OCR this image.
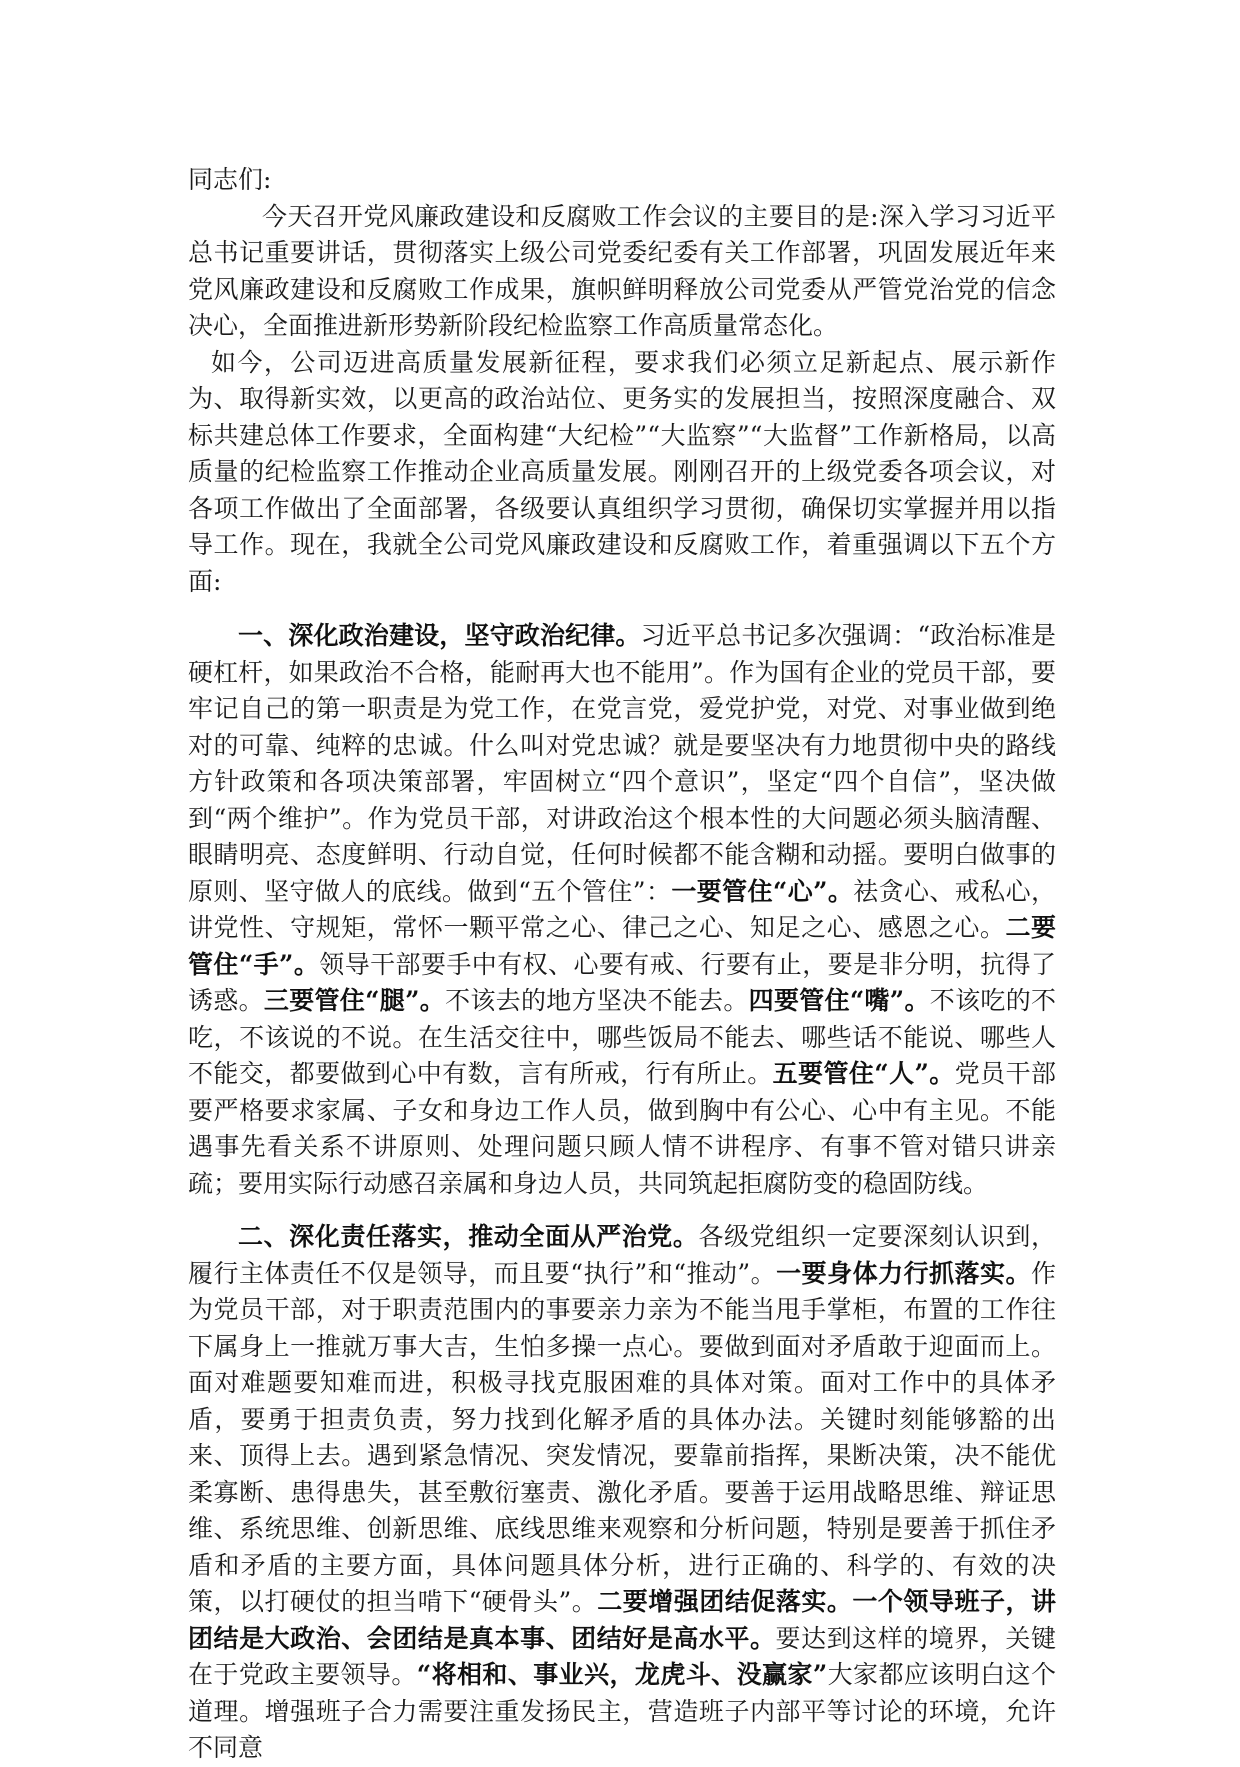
同志们:

今天召开党风廉政建设和反腐败工作会议的主要目的是:深入学习习近平总书记重要讲话，贯彻落实上级公司党委纪委有关工作部署，巩固发展近年来党风廉政建设和反腐败工作成果，旗帜鲜明释放公司党委从严管党治党的信念决心，全面推进新形势新阶段纪检监察工作高质量常态化。

如今，公司迈进高质量发展新征程，要求我们必须立足新起点、展示新作为、取得新实效，以更高的政治站位、更务实的发展担当，按照深度融合、双标共建总体工作要求，全面构建“大纪检”“大监察”“大监督”工作新格局，以高质量的纪检监察工作推动企业高质量发展。刚刚召开的上级党委各项会议，对各项工作做出了全面部署，各级要认真组织学习贯彻，确保切实掌握并用以指导工作。现在，我就全公司党风廉政建设和反腐败工作，着重强调以下五个方面:

一、深化政治建设，坚守政治纪律。习近平总书记多次强调：“政治标准是硬杠杆，如果政治不合格，能耐再大也不能用”。作为国有企业的党员干部，要牢记自己的第一职责是为党工作，在党言党，爱党护党，对党、对事业做到绝对的可靠、纯粹的忠诚。什么叫对党忠诚？就是要坚决有力地贯彻中央的路线方针政策和各项决策部署，牢固树立“四个意识”，坚定“四个自信”，坚决做到“两个维护”。作为党员干部，对讲政治这个根本性的大问题必须头脑清醒、眼睛明亮、态度鲜明、行动自觉，任何时候都不能含糊和动摇。要明白做事的原则、坚守做人的底线。做到“五个管住”：一要管住“心”。祛贪心、戒私心，讲党性、守规矩，常怀一颗平常之心、律己之心、知足之心、感恩之心。二要管住“手”。领导干部要手中有权、心要有戒、行要有止，要是非分明，抗得了诱惑。三要管住“腿”。不该去的地方坚决不能去。四要管住“嘴”。不该吃的不吃，不该说的不说。在生活交往中，哪些饭局不能去、哪些话不能说、哪些人不能交，都要做到心中有数，言有所戒，行有所止。五要管住“人”。党员干部要严格要求家属、子女和身边工作人员，做到胸中有公心、心中有主见。不能遇事先看关系不讲原则、处理问题只顾人情不讲程序、有事不管对错只讲亲疏；要用实际行动感召亲属和身边人员，共同筑起拒腐防变的稳固防线。

二、深化责任落实，推动全面从严治党。各级党组织一定要深刻认识到，履行主体责任不仅是领导，而且要“执行”和“推动”。一要身体力行抓落实。作为党员干部，对于职责范围内的事要亲力亲为不能当甩手掌柜，布置的工作往下属身上一推就万事大吉，生怕多操一点心。要做到面对矛盾敢于迎面而上。面对难题要知难而进，积极寻找克服困难的具体对策。面对工作中的具体矛盾，要勇于担责负责，努力找到化解矛盾的具体办法。关键时刻能够豁的出来、顶得上去。遇到紧急情况、突发情况，要靠前指挥，果断决策，决不能优柔寡断、患得患失，甚至敷衍塞责、激化矛盾。要善于运用战略思维、辩证思维、系统思维、创新思维、底线思维来观察和分析问题，特别是要善于抓住矛盾和矛盾的主要方面，具体问题具体分析，进行正确的、科学的、有效的决策，以打硬仗的担当啃下“硬骨头”。二要增强团结促落实。一个领导班子，讲团结是大政治、会团结是真本事、团结好是高水平。要达到这样的境界，关键在于党政主要领导。“将相和、事业兴，龙虎斗、没赢家”大家都应该明白这个道理。增强班子合力需要注重发扬民主，营造班子内部平等讨论的环境，允许不同意
